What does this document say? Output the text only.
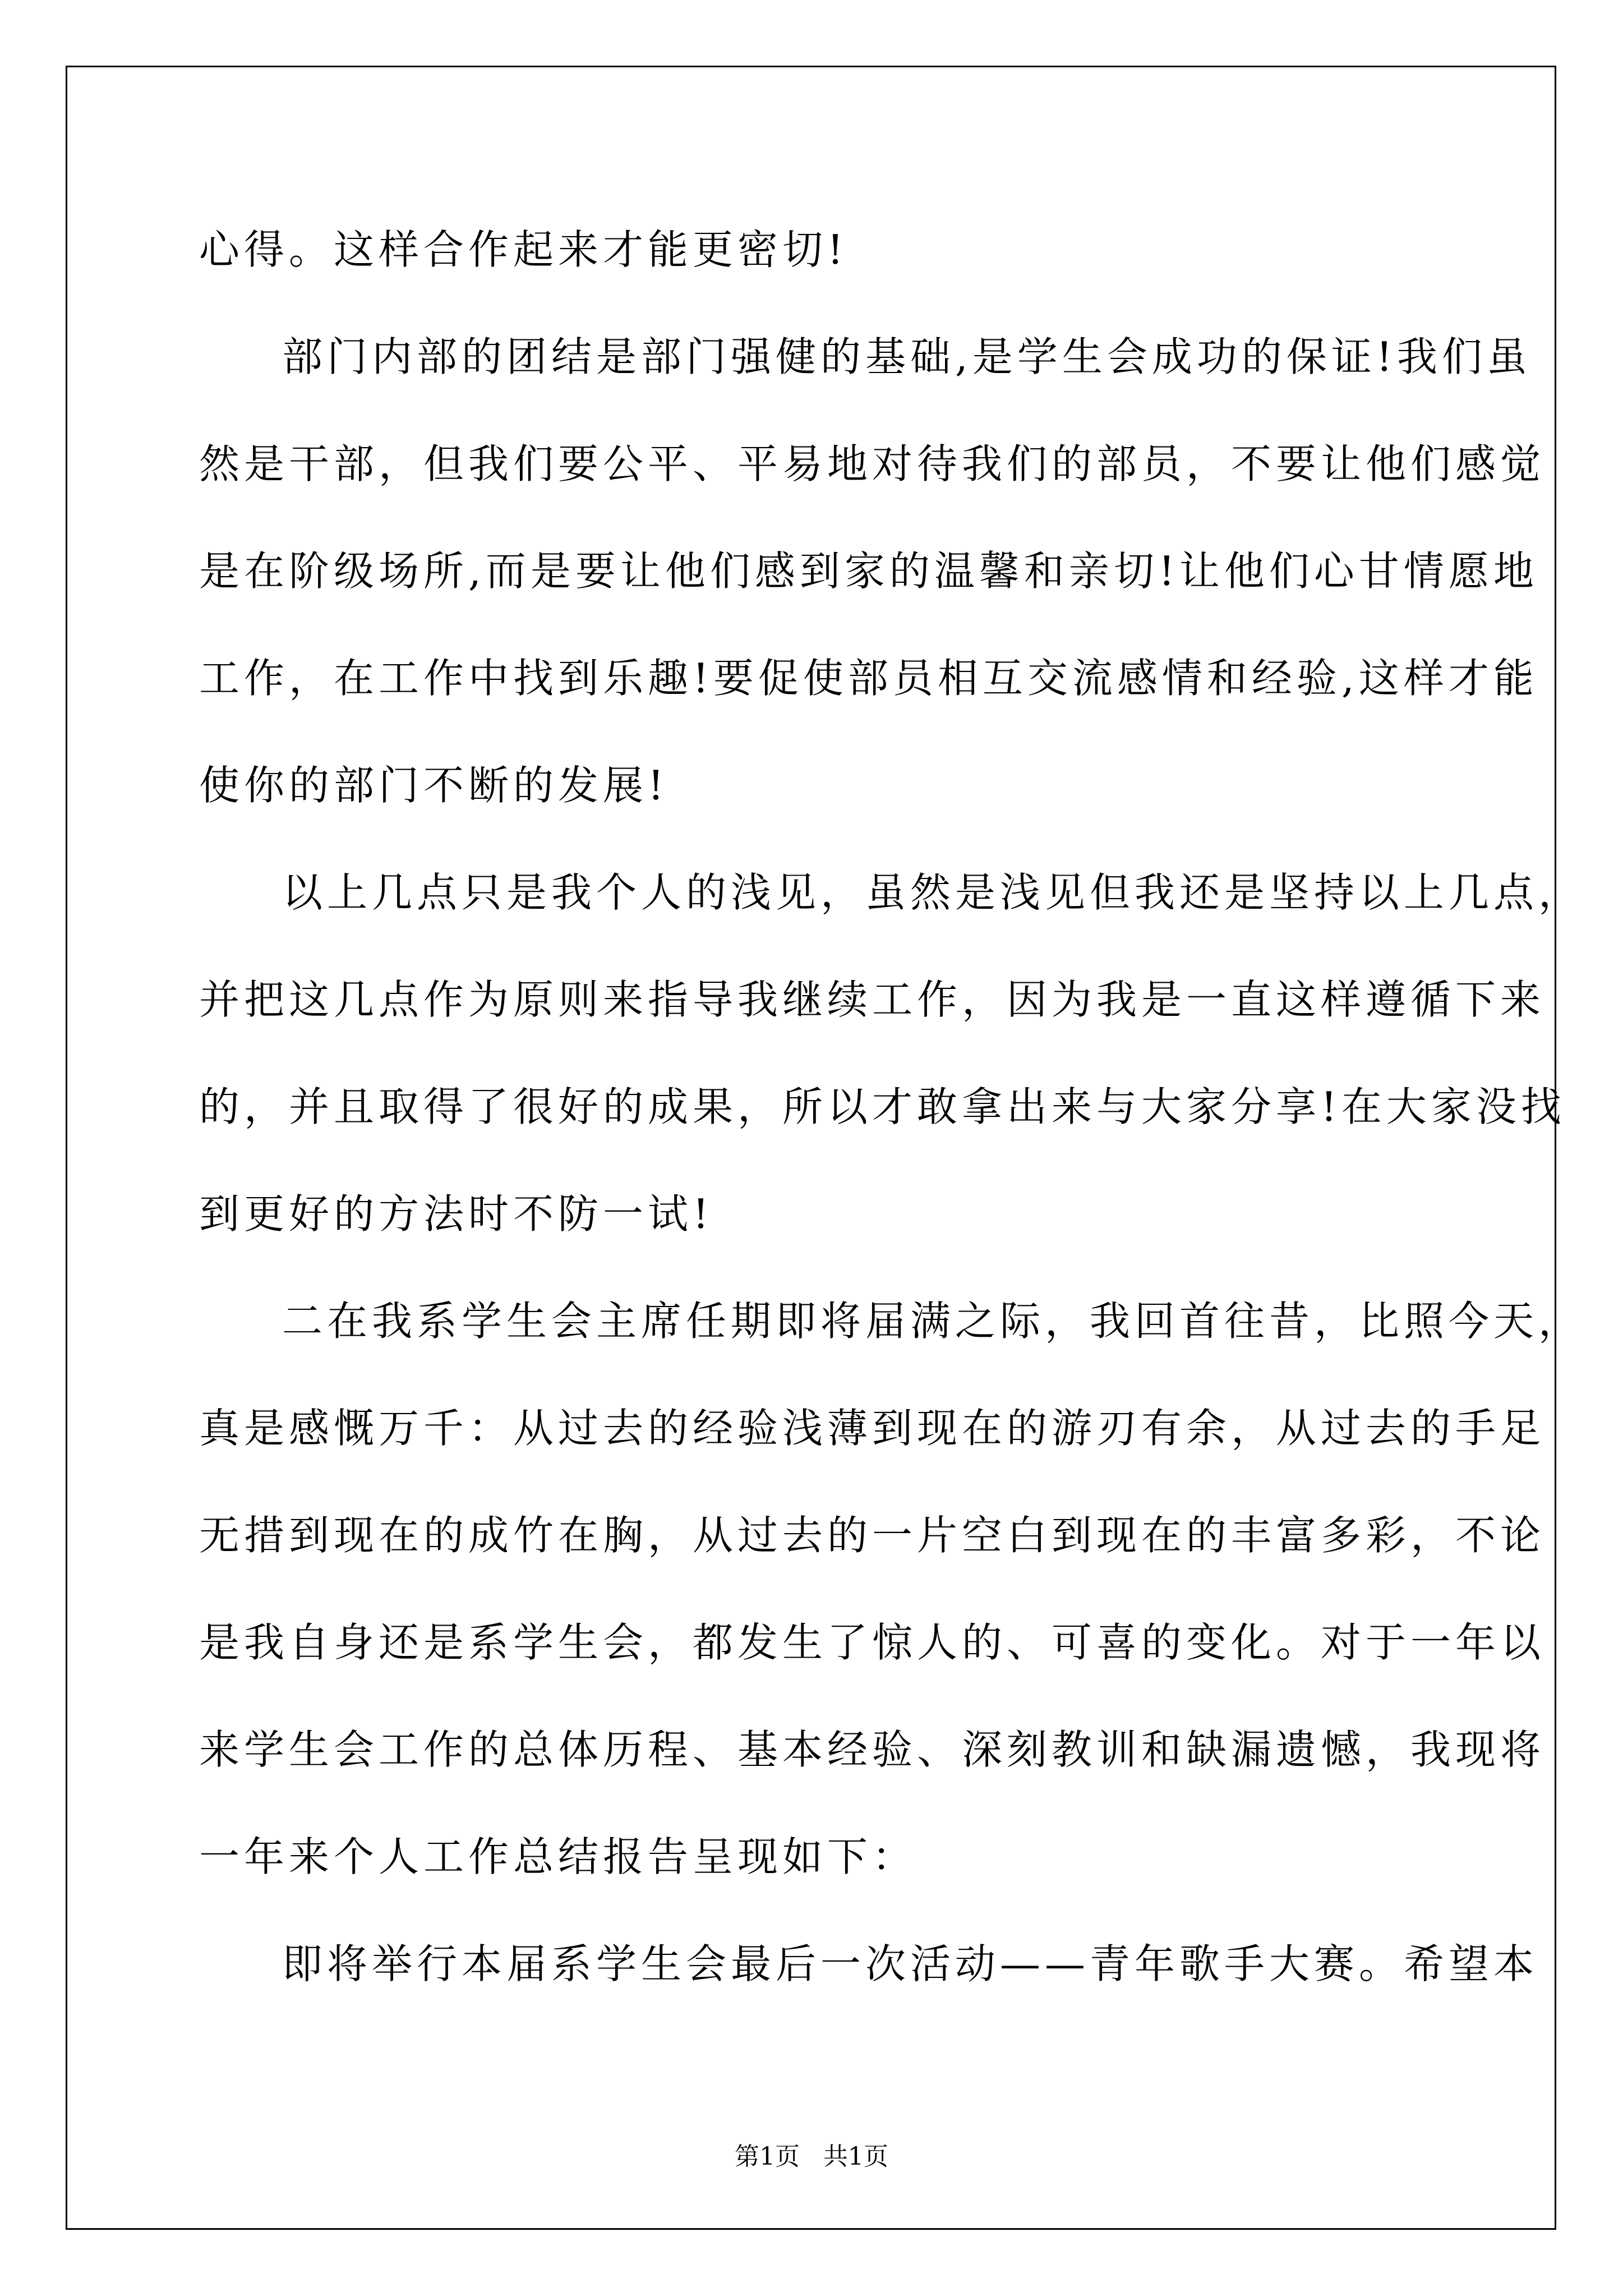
心得。这样合作起来才能更密切!
部门内部的团结是部门强健的基础,是学生会成功的保证!我们虽
然是干部，但我们要公平、平易地对待我们的部员，不要让他们感觉
是在阶级场所,而是要让他们感到家的温馨和亲切!让他们心甘情愿地
工作，在工作中找到乐趣!要促使部员相互交流感情和经验,这样才能
使你的部门不断的发展!
以上几点只是我个人的浅见，虽然是浅见但我还是坚持以上几点，
并把这几点作为原则来指导我继续工作，因为我是一直这样遵循下来
的，并且取得了很好的成果，所以才敢拿出来与大家分享!在大家没找
到更好的方法时不防一试!
二在我系学生会主席任期即将届满之际，我回首往昔，比照今天，
真是感慨万千：从过去的经验浅薄到现在的游刃有余，从过去的手足
无措到现在的成竹在胸，从过去的一片空白到现在的丰富多彩，不论
是我自身还是系学生会，都发生了惊人的、可喜的变化。对于一年以
来学生会工作的总体历程、基本经验、深刻教训和缺漏遗憾，我现将
一年来个人工作总结报告呈现如下：
即将举行本届系学生会最后一次活动——青年歌手大赛。希望本
第1页   共1页
